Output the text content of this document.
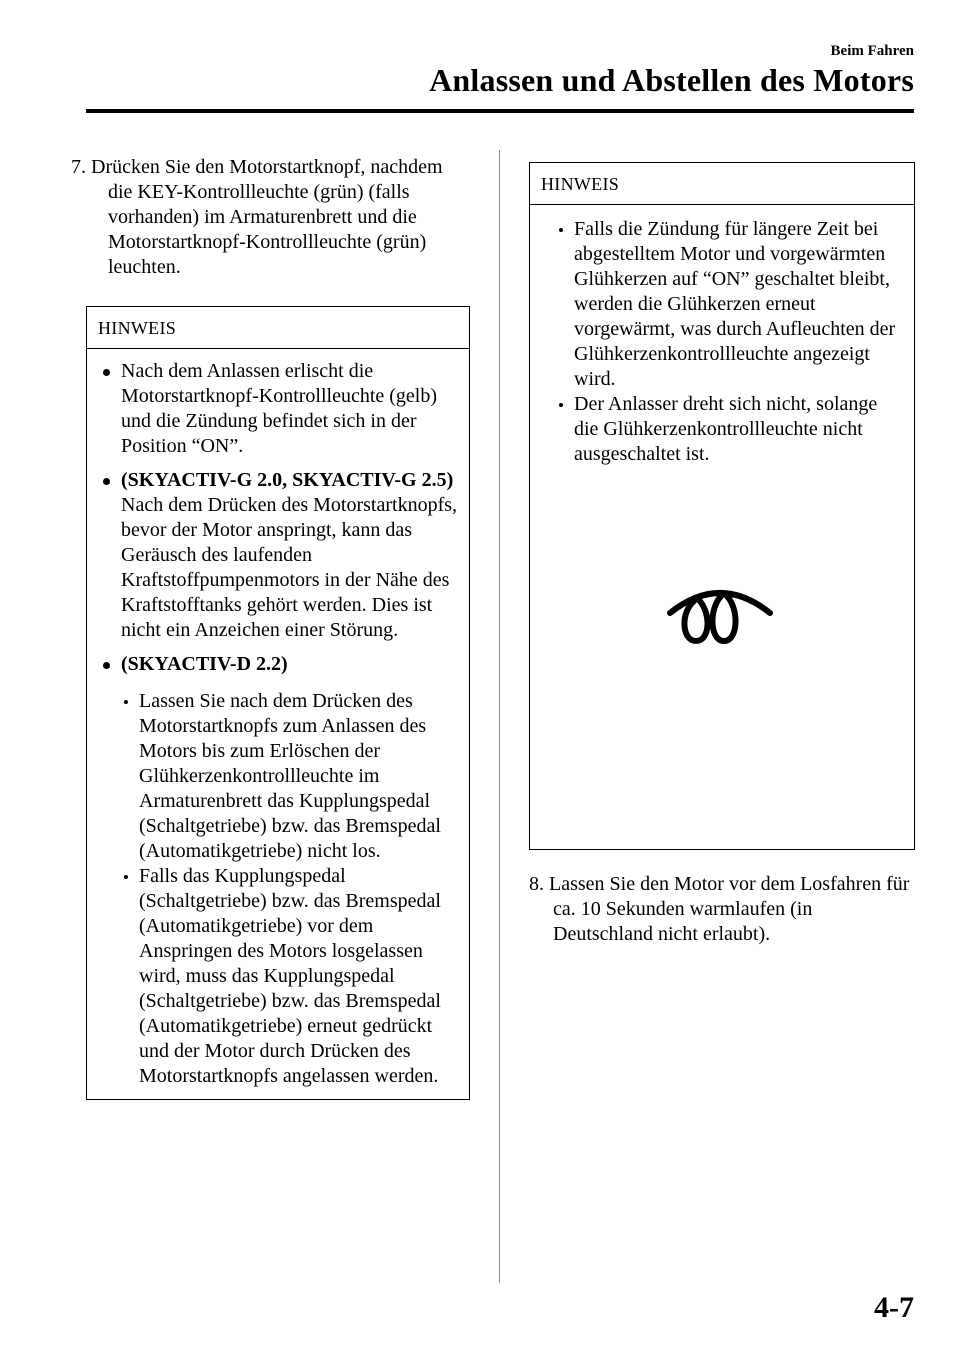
Beim Fahren
Anlassen und Abstellen des Motors

7. Drücken Sie den Motorstartknopf, nachdem die KEY-Kontrollleuchte (grün) (falls vorhanden) im Armaturenbrett und die Motorstartknopf-Kontrollleuchte (grün) leuchten.

HINWEIS
Nach dem Anlassen erlischt die Motorstartknopf-Kontrollleuchte (gelb) und die Zündung befindet sich in der Position “ON”.
(SKYACTIV-G 2.0, SKYACTIV-G 2.5)
Nach dem Drücken des Motorstartknopfs, bevor der Motor anspringt, kann das Geräusch des laufenden Kraftstoffpumpenmotors in der Nähe des Kraftstofftanks gehört werden. Dies ist nicht ein Anzeichen einer Störung.
(SKYACTIV-D 2.2)

Lassen Sie nach dem Drücken des Motorstartknopfs zum Anlassen des Motors bis zum Erlöschen der Glühkerzenkontrollleuchte im Armaturenbrett das Kupplungspedal (Schaltgetriebe) bzw. das Bremspedal (Automatikgetriebe) nicht los.

Falls das Kupplungspedal (Schaltgetriebe) bzw. das Bremspedal (Automatikgetriebe) vor dem Anspringen des Motors losgelassen wird, muss das Kupplungspedal (Schaltgetriebe) bzw. das Bremspedal (Automatikgetriebe) erneut gedrückt und der Motor durch Drücken des Motorstartknopfs angelassen werden.

HINWEIS

Falls die Zündung für längere Zeit bei abgestelltem Motor und vorgewärmten Glühkerzen auf “ON” geschaltet bleibt, werden die Glühkerzen erneut vorgewärmt, was durch Aufleuchten der Glühkerzenkontrollleuchte angezeigt wird.

Der Anlasser dreht sich nicht, solange die Glühkerzenkontrollleuchte nicht ausgeschaltet ist.

8. Lassen Sie den Motor vor dem Losfahren für ca. 10 Sekunden warmlaufen (in Deutschland nicht erlaubt).

4-7
